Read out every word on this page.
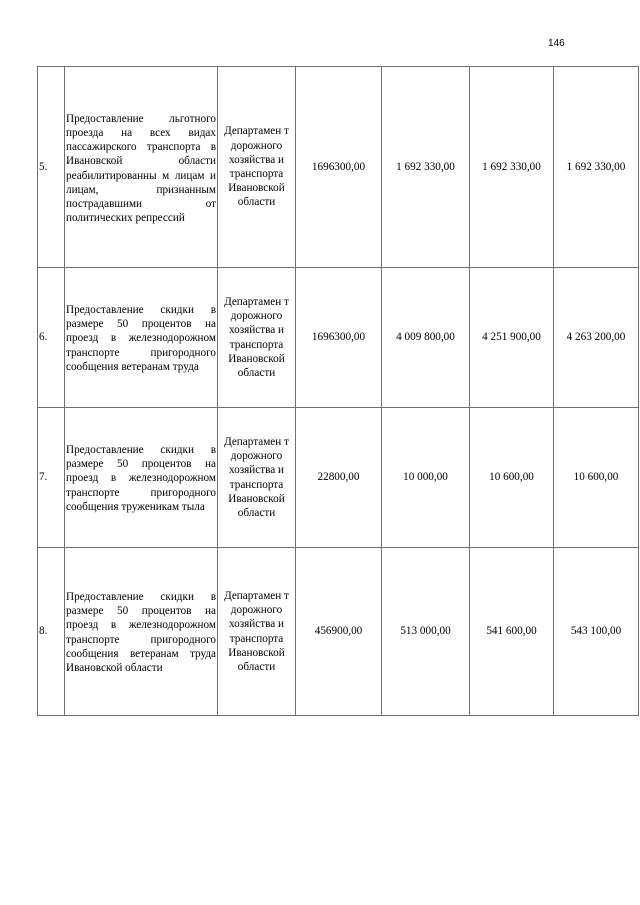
146
5.	Предоставление льготного проезда на всех видах пассажирского транспорта в Ивановской области реабилитированны м лицам и лицам, признанным пострадавшими от политических репрессий	Департамен т дорожного хозяйства и транспорта Ивановской области	1696300,00	1 692 330,00	1 692 330,00	1 692 330,00
6.	Предоставление скидки в размере 50 процентов на проезд в железнодорожном транспорте пригородного сообщения ветеранам труда	Департамен т дорожного хозяйства и транспорта Ивановской области	1696300,00	4 009 800,00	4 251 900,00	4 263 200,00
7.	Предоставление скидки в размере 50 процентов на проезд в железнодорожном транспорте пригородного сообщения труженикам тыла	Департамен т дорожного хозяйства и транспорта Ивановской области	22800,00	10 000,00	10 600,00	10 600,00
8.	Предоставление скидки в размере 50 процентов на проезд в железнодорожном транспорте пригородного сообщения ветеранам труда Ивановской области	Департамен т дорожного хозяйства и транспорта Ивановской области	456900,00	513 000,00	541 600,00	543 100,00
